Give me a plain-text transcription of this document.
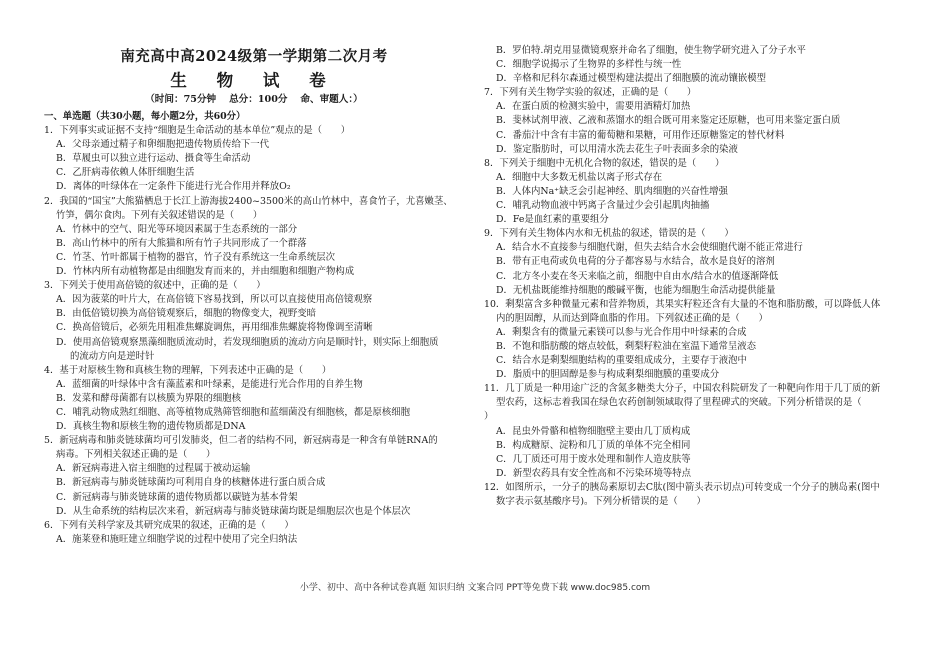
南充高中高2024级第一学期第二次月考
生 物 试 卷
（时间：75分钟　 总分：100分　 命、审题人：）
一、单选题（共30小题，每小题2分，共60分）
1．下列事实或证据不支持“细胞是生命活动的基本单位”观点的是（　　）
A．父母亲通过精子和卵细胞把遗传物质传给下一代
B．草履虫可以独立进行运动、摄食等生命活动
C．乙肝病毒依赖人体肝细胞生活
D．离体的叶绿体在一定条件下能进行光合作用并释放O₂
2．我国的“国宝”大熊猫栖息于长江上游海拔2400~3500米的高山竹林中，喜食竹子，尤喜嫩茎、
竹笋，偶尔食肉。下列有关叙述错误的是（　　）
A．竹林中的空气、阳光等环境因素属于生态系统的一部分
B．高山竹林中的所有大熊猫和所有竹子共同形成了一个群落
C．竹茎、竹叶都属于植物的器官，竹子没有系统这一生命系统层次
D．竹林内所有动植物都是由细胞发育而来的，并由细胞和细胞产物构成
3．下列关于使用高倍镜的叙述中，正确的是（　　）
A．因为菠菜的叶片大，在高倍镜下容易找到，所以可以直接使用高倍镜观察
B．由低倍镜切换为高倍镜观察后，细胞的物像变大，视野变暗
C．换高倍镜后，必须先用粗准焦螺旋调焦，再用细准焦螺旋将物像调至清晰
D．使用高倍镜观察黑藻细胞质流动时，若发现细胞质的流动方向是顺时针，则实际上细胞质
的流动方向是逆时针
4．基于对原核生物和真核生物的理解，下列表述中正确的是（　　）
A．蓝细菌的叶绿体中含有藻蓝素和叶绿素，是能进行光合作用的自养生物
B．发菜和酵母菌都有以核膜为界限的细胞核
C．哺乳动物成熟红细胞、高等植物成熟筛管细胞和蓝细菌没有细胞核，都是原核细胞
D．真核生物和原核生物的遗传物质都是DNA
5．新冠病毒和肺炎链球菌均可引发肺炎，但二者的结构不同，新冠病毒是一种含有单链RNA的
病毒。下列相关叙述正确的是（　　）
A．新冠病毒进入宿主细胞的过程属于被动运输
B．新冠病毒与肺炎链球菌均可利用自身的核糖体进行蛋白质合成
C．新冠病毒与肺炎链球菌的遗传物质都以碳链为基本骨架
D．从生命系统的结构层次来看，新冠病毒与肺炎链球菌均既是细胞层次也是个体层次
6．下列有关科学家及其研究成果的叙述，正确的是（　　）
A．施莱登和施旺建立细胞学说的过程中使用了完全归纳法
B．罗伯特.胡克用显微镜观察并命名了细胞，使生物学研究进入了分子水平
C．细胞学说揭示了生物界的多样性与统一性
D．辛格和尼科尔森通过模型构建法提出了细胞膜的流动镶嵌模型
7．下列有关生物学实验的叙述，正确的是（　　）
A．在蛋白质的检测实验中，需要用酒精灯加热
B．斐林试剂甲液、乙液和蒸馏水的组合既可用来鉴定还原糖，也可用来鉴定蛋白质
C．番茄汁中含有丰富的葡萄糖和果糖，可用作还原糖鉴定的替代材料
D．鉴定脂肪时，可以用清水洗去花生子叶表面多余的染液
8．下列关于细胞中无机化合物的叙述，错误的是（　　）
A．细胞中大多数无机盐以离子形式存在
B．人体内Na⁺缺乏会引起神经、肌肉细胞的兴奋性增强
C．哺乳动物血液中钙离子含量过少会引起肌肉抽搐
D．Fe是血红素的重要组分
9．下列有关生物体内水和无机盐的叙述，错误的是（　　）
A．结合水不直接参与细胞代谢，但失去结合水会使细胞代谢不能正常进行
B．带有正电荷或负电荷的分子都容易与水结合，故水是良好的溶剂
C．北方冬小麦在冬天来临之前，细胞中自由水/结合水的值逐渐降低
D．无机盐既能维持细胞的酸碱平衡，也能为细胞生命活动提供能量
10．剩梨富含多种微量元素和营养物质，其果实籽粒还含有大量的不饱和脂肪酸，可以降低人体
内的胆固醇，从而达到降血脂的作用。下列叙述正确的是（　　）
A．剩梨含有的微量元素镁可以参与光合作用中叶绿素的合成
B．不饱和脂肪酸的熔点较低，剩梨籽粒油在室温下通常呈液态
C．结合水是剩梨细胞结构的重要组成成分，主要存于液泡中
D．脂质中的胆固醇是参与构成剩梨细胞膜的重要成分
11．几丁质是一种用途广泛的含氮多糖类大分子，中国农科院研发了一种靶向作用于几丁质的新
型农药，这标志着我国在绿色农药创制领域取得了里程碑式的突破。下列分析错误的是（
）
A．昆虫外骨骼和植物细胞壁主要由几丁质构成
B．构成糖原、淀粉和几丁质的单体不完全相同
C．几丁质还可用于废水处理和制作人造皮肤等
D．新型农药具有安全性高和不污染环境等特点
12．如图所示，一分子的胰岛素原切去C肽(图中箭头表示切点)可转变成一个分子的胰岛素(图中
数字表示氨基酸序号)。下列分析错误的是（　　）
小学、初中、高中各种试卷真题 知识归纳 文案合同 PPT等免费下载 www.doc985.com
